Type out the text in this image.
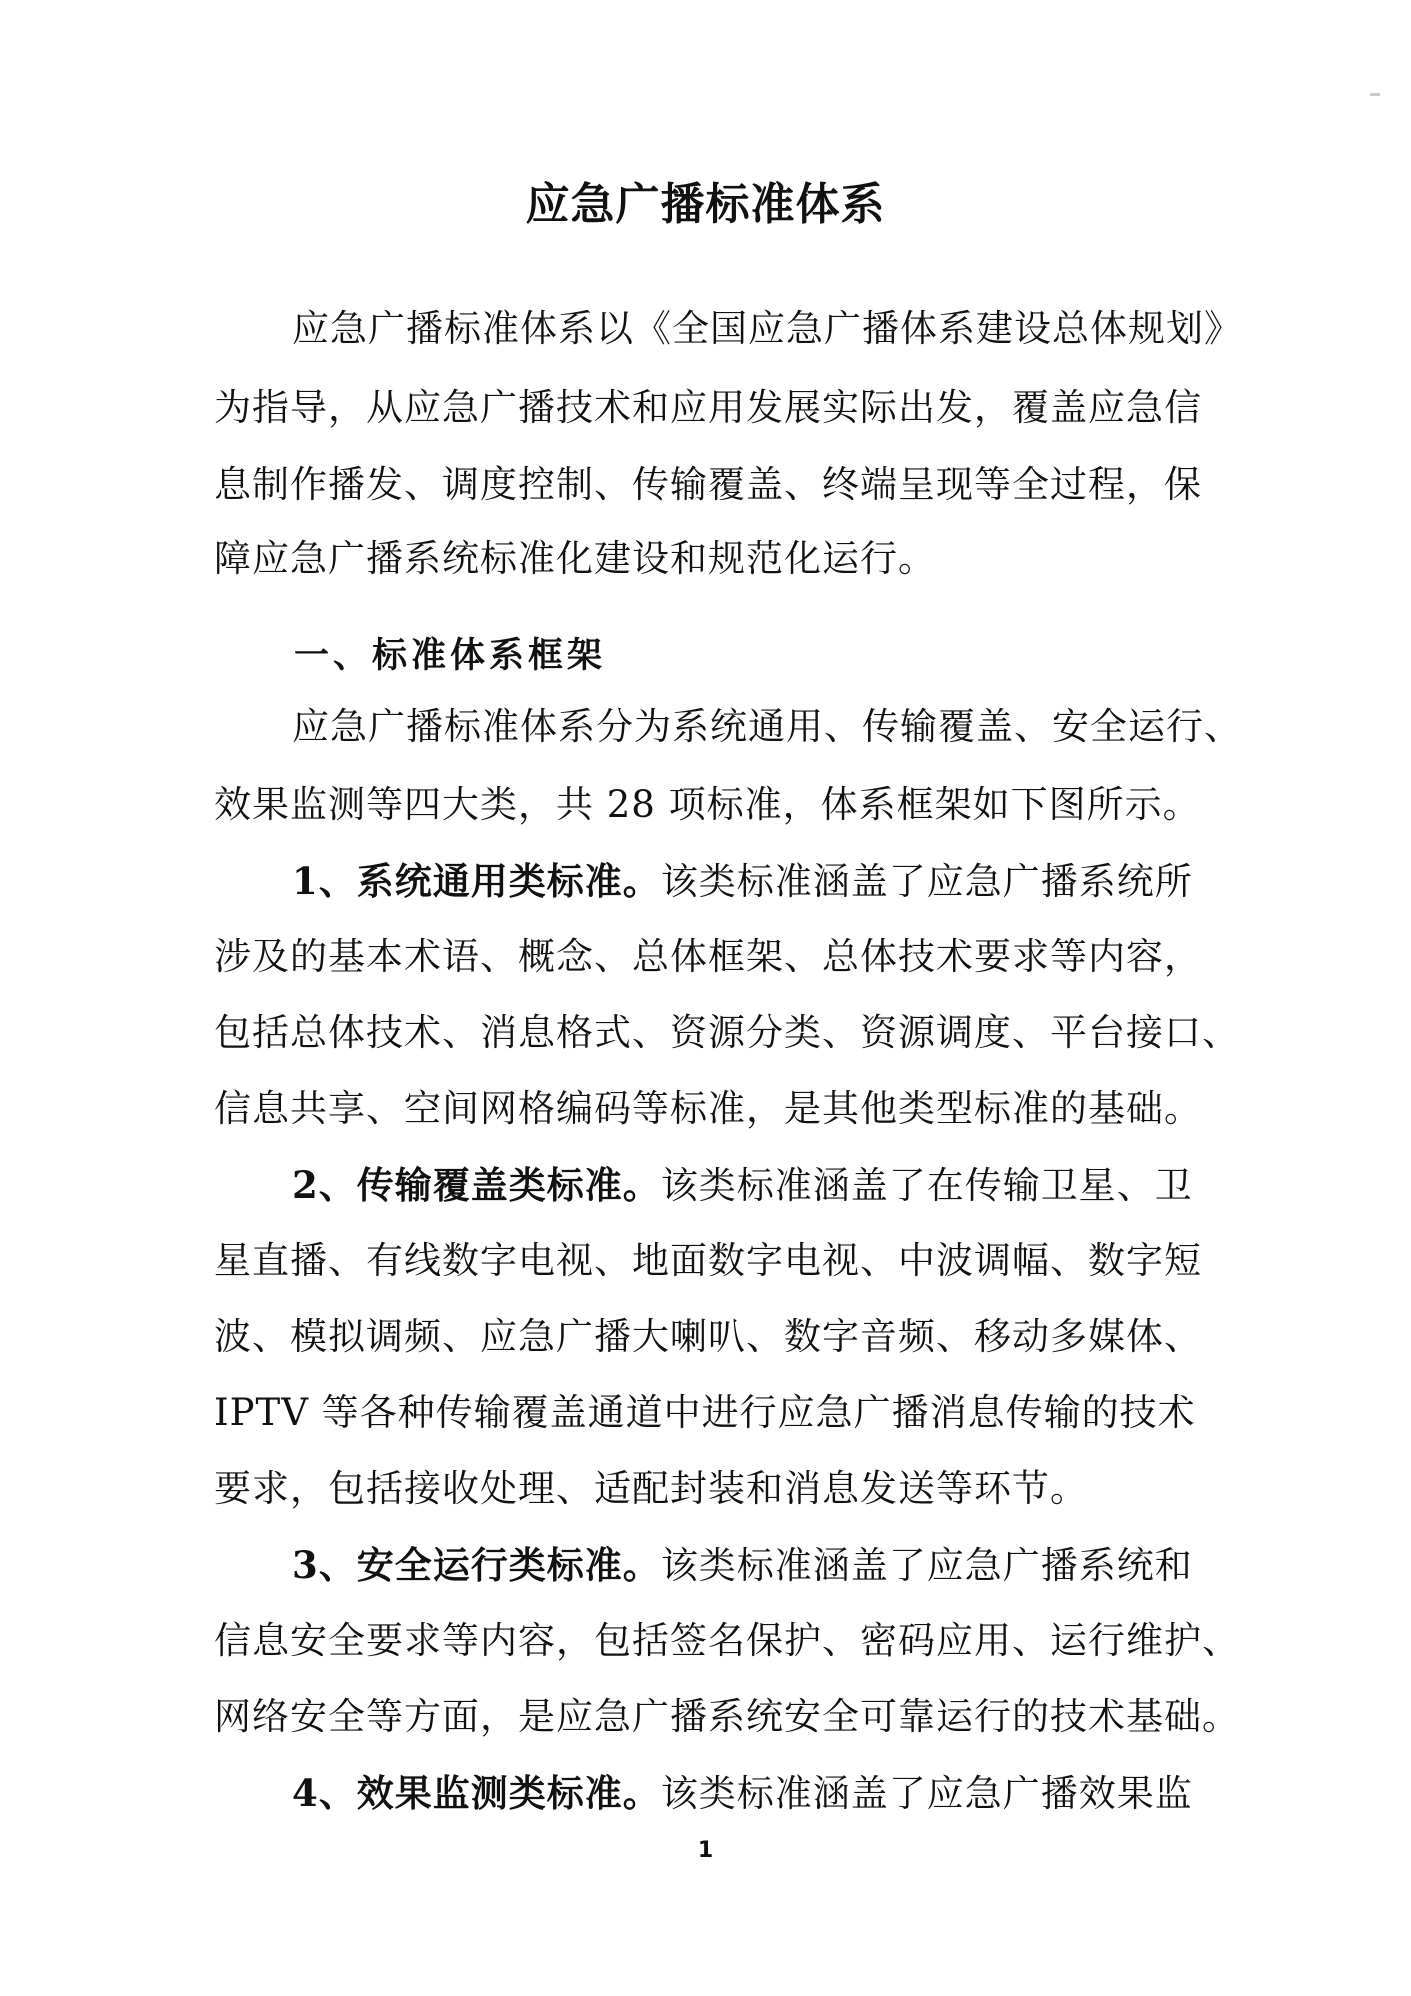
应急广播标准体系
应急广播标准体系以《全国应急广播体系建设总体规划》
为指导，从应急广播技术和应用发展实际出发，覆盖应急信
息制作播发、调度控制、传输覆盖、终端呈现等全过程，保
障应急广播系统标准化建设和规范化运行。
一、标准体系框架
应急广播标准体系分为系统通用、传输覆盖、安全运行、
效果监测等四大类，共 28 项标准，体系框架如下图所示。
1、系统通用类标准。该类标准涵盖了应急广播系统所
涉及的基本术语、概念、总体框架、总体技术要求等内容，
包括总体技术、消息格式、资源分类、资源调度、平台接口、
信息共享、空间网格编码等标准，是其他类型标准的基础。
2、传输覆盖类标准。该类标准涵盖了在传输卫星、卫
星直播、有线数字电视、地面数字电视、中波调幅、数字短
波、模拟调频、应急广播大喇叭、数字音频、移动多媒体、
IPTV 等各种传输覆盖通道中进行应急广播消息传输的技术
要求，包括接收处理、适配封装和消息发送等环节。
3、安全运行类标准。该类标准涵盖了应急广播系统和
信息安全要求等内容，包括签名保护、密码应用、运行维护、
网络安全等方面，是应急广播系统安全可靠运行的技术基础。
4、效果监测类标准。该类标准涵盖了应急广播效果监
1
